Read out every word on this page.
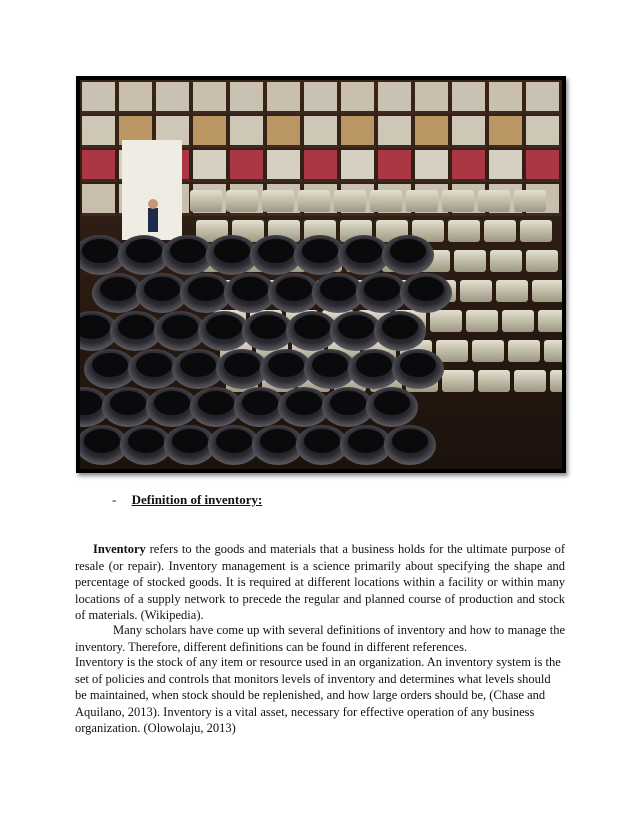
- Definition of inventory:

Inventory refers to the goods and materials that a business holds for the ultimate purpose of resale (or repair). Inventory management is a science primarily about specifying the shape and percentage of stocked goods. It is required at different locations within a facility or within many locations of a supply network to precede the regular and planned course of production and stock of materials. (Wikipedia).

Many scholars have come up with several definitions of inventory and how to manage the inventory. Therefore, different definitions can be found in different references.

Inventory is the stock of any item or resource used in an organization. An inventory system is the set of policies and controls that monitors levels of inventory and determines what levels should be maintained, when stock should be replenished, and how large orders should be, (Chase and Aquilano, 2013). Inventory is a vital asset, necessary for effective operation of any business organization. (Olowolaju, 2013)
